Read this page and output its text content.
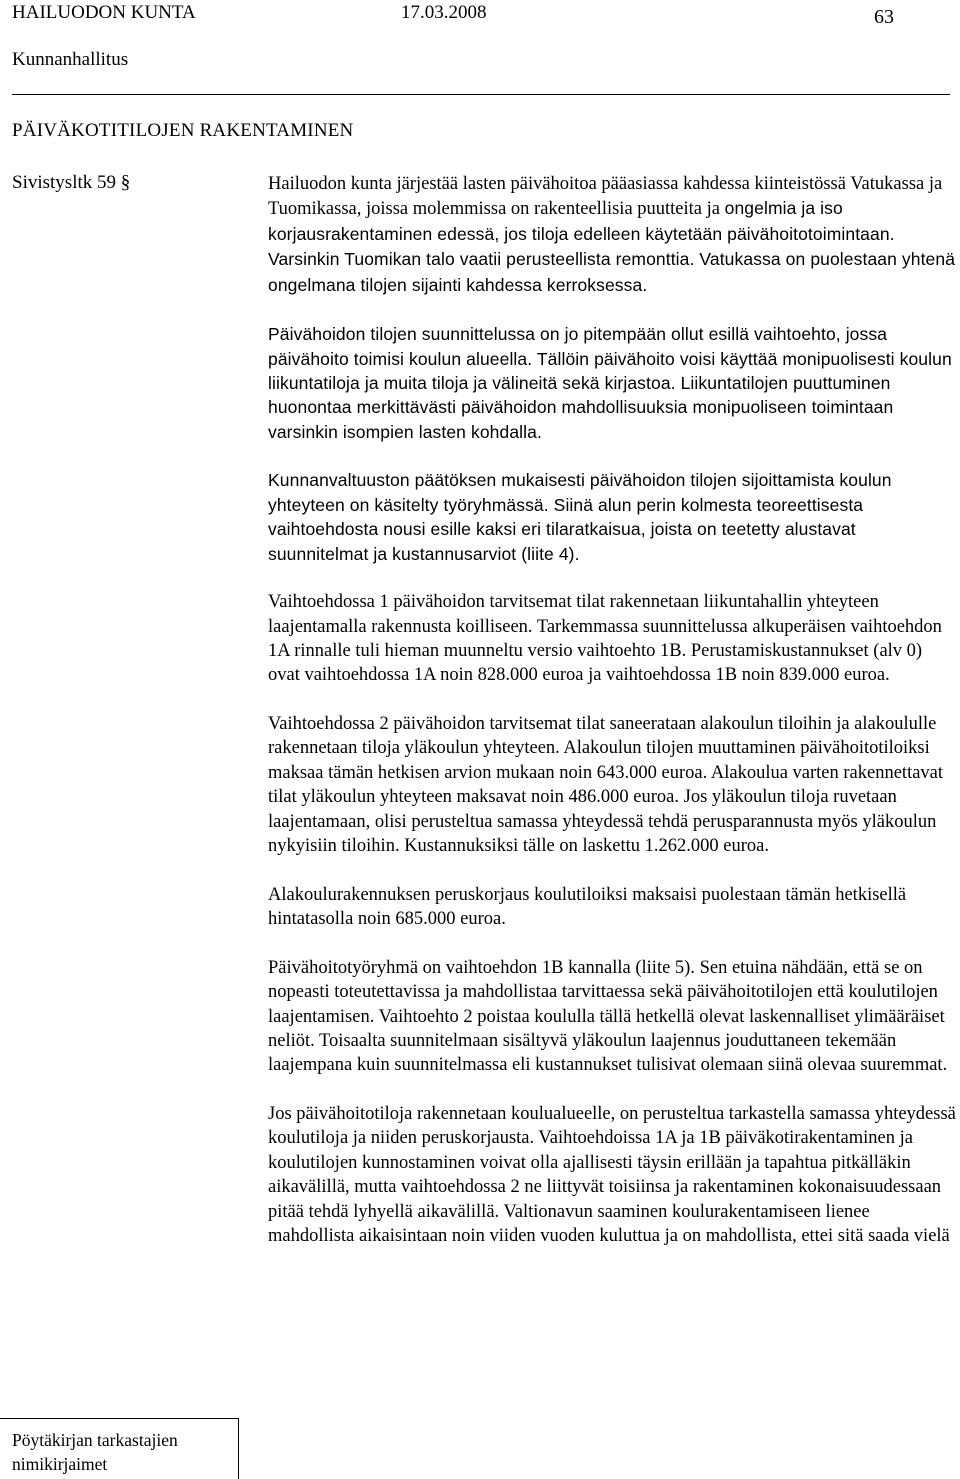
HAILUODON KUNTA	17.03.2008	63
Kunnanhallitus
PÄIVÄKOTITILOJEN RAKENTAMINEN
Sivistysltk 59 §	Hailuodon kunta järjestää lasten päivähoitoa pääasiassa kahdessa kiinteistössä Vatukassa ja Tuomikassa, joissa molemmissa on rakenteellisia puutteita ja ongelmia ja iso korjausrakentaminen edessä, jos tiloja edelleen käytetään päivähoitotoimintaan. Varsinkin Tuomikan talo vaatii perusteellista remonttia. Vatukassa on puolestaan yhtenä ongelmana tilojen sijainti kahdessa kerroksessa.

Päivähoidon tilojen suunnittelussa on jo pitempään ollut esillä vaihtoehto, jossa päivähoito toimisi koulun alueella. Tällöin päivähoito voisi käyttää monipuolisesti koulun liikuntatiloja ja muita tiloja ja välineitä sekä kirjastoa. Liikuntatilojen puuttuminen huonontaa merkittävästi päivähoidon mahdollisuuksia monipuoliseen toimintaan varsinkin isompien lasten kohdalla.

Kunnanvaltuuston päätöksen mukaisesti päivähoidon tilojen sijoittamista koulun yhteyteen on käsitelty työryhmässä. Siinä alun perin kolmesta teoreettisesta vaihtoehdosta nousi esille kaksi eri tilaratkaisua, joista on teetetty alustavat suunnitelmat ja kustannusarviot (liite 4).

Vaihtoehdossa 1 päivähoidon tarvitsemat tilat rakennetaan liikuntahallin yhteyteen laajentamalla rakennusta koilliseen. Tarkemmassa suunnittelussa alkuperäisen vaihtoehdon 1A rinnalle tuli hieman muunneltu versio vaihtoehto 1B. Perustamiskustannukset (alv 0) ovat vaihtoehdossa 1A noin 828.000 euroa ja vaihtoehdossa 1B noin 839.000 euroa.

Vaihtoehdossa 2 päivähoidon tarvitsemat tilat saneerataan alakoulun tiloihin ja alakoululle rakennetaan tiloja yläkoulun yhteyteen. Alakoulun tilojen muuttaminen päivähoitotiloiksi maksaa tämän hetkisen arvion mukaan noin 643.000 euroa. Alakoulua varten rakennettavat tilat yläkoulun yhteyteen maksavat noin 486.000 euroa. Jos yläkoulun tiloja ruvetaan laajentamaan, olisi perusteltua samassa yhteydessä tehdä perusparannusta myös yläkoulun nykyisiin tiloihin. Kustannuksiksi tälle on laskettu 1.262.000 euroa.

Alakoulurakennuksen peruskorjaus koulutiloiksi maksaisi puolestaan tämän hetkisellä hintatasolla noin 685.000 euroa.

Päivähoitotyöryhmä on vaihtoehdon 1B kannalla (liite 5). Sen etuina nähdään, että se on nopeasti toteutettavissa ja mahdollistaa tarvittaessa sekä päivähoitotilojen että koulutilojen laajentamisen. Vaihtoehto 2 poistaa koululla tällä hetkellä olevat laskennalliset ylimääräiset neliöt. Toisaalta suunnitelmaan sisältyvä yläkoulun laajennus jouduttaneen tekemään laajempana kuin suunnitelmassa eli kustannukset tulisivat olemaan siinä olevaa suuremmat.

Jos päivähoitotiloja rakennetaan koulualueelle, on perusteltua tarkastella samassa yhteydessä koulutiloja ja niiden peruskorjausta. Vaihtoehdoissa 1A ja 1B päiväkotirakentaminen ja koulutilojen kunnostaminen voivat olla ajallisesti täysin erillään ja tapahtua pitkälläkin aikavälillä, mutta vaihtoehdossa 2 ne liittyvät toisiinsa ja rakentaminen kokonaisuudessaan pitää tehdä lyhyellä aikavälillä. Valtionavun saaminen koulurakentamiseen lienee mahdollista aikaisintaan noin viiden vuoden kuluttua ja on mahdollista, ettei sitä saada vielä

Pöytäkirjan tarkastajien
nimikirjaimet
